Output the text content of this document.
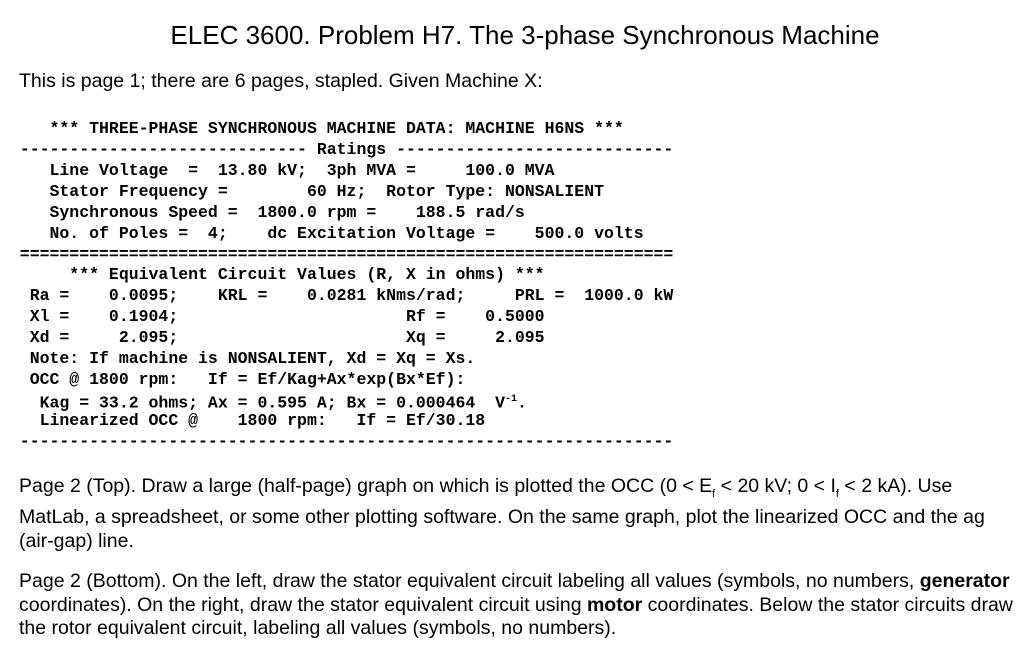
ELEC 3600. Problem H7. The 3-phase Synchronous Machine
This is page 1; there are 6 pages, stapled. Given Machine X:
*** THREE-PHASE SYNCHRONOUS MACHINE DATA: MACHINE H6NS ***
----------------------------- Ratings ----------------------------
Line Voltage  =  13.80 kV;  3ph MVA =     100.0 MVA
Stator Frequency =        60 Hz;  Rotor Type: NONSALIENT
Synchronous Speed =  1800.0 rpm =    188.5 rad/s
No. of Poles =  4;    dc Excitation Voltage =    500.0 volts
==================================================================
*** Equivalent Circuit Values (R, X in ohms) ***
Ra =    0.0095;    KRL =    0.0281 kNms/rad;     PRL =  1000.0 kW
Xl =    0.1904;                       Rf =    0.5000
Xd =     2.095;                       Xq =     2.095
Note: If machine is NONSALIENT, Xd = Xq = Xs.
OCC @ 1800 rpm:   If = Ef/Kag+Ax*exp(Bx*Ef):
Kag = 33.2 ohms; Ax = 0.595 A; Bx = 0.000464  $V^{-1}$.
Linearized OCC @    1800 rpm:   If = Ef/30.18
------------------------------------------------------------------
Page 2 (Top). Draw a large (half-page) graph on which is plotted the OCC ($0 < E_f < 20$ kV; $0 < I_f < 2$ kA). Use MatLab, a spreadsheet, or some other plotting software. On the same graph, plot the linearized OCC and the ag (air-gap) line.
Page 2 (Bottom). On the left, draw the stator equivalent circuit labeling all values (symbols, no numbers, generator coordinates). On the right, draw the stator equivalent circuit using motor coordinates. Below the stator circuits draw the rotor equivalent circuit, labeling all values (symbols, no numbers).
